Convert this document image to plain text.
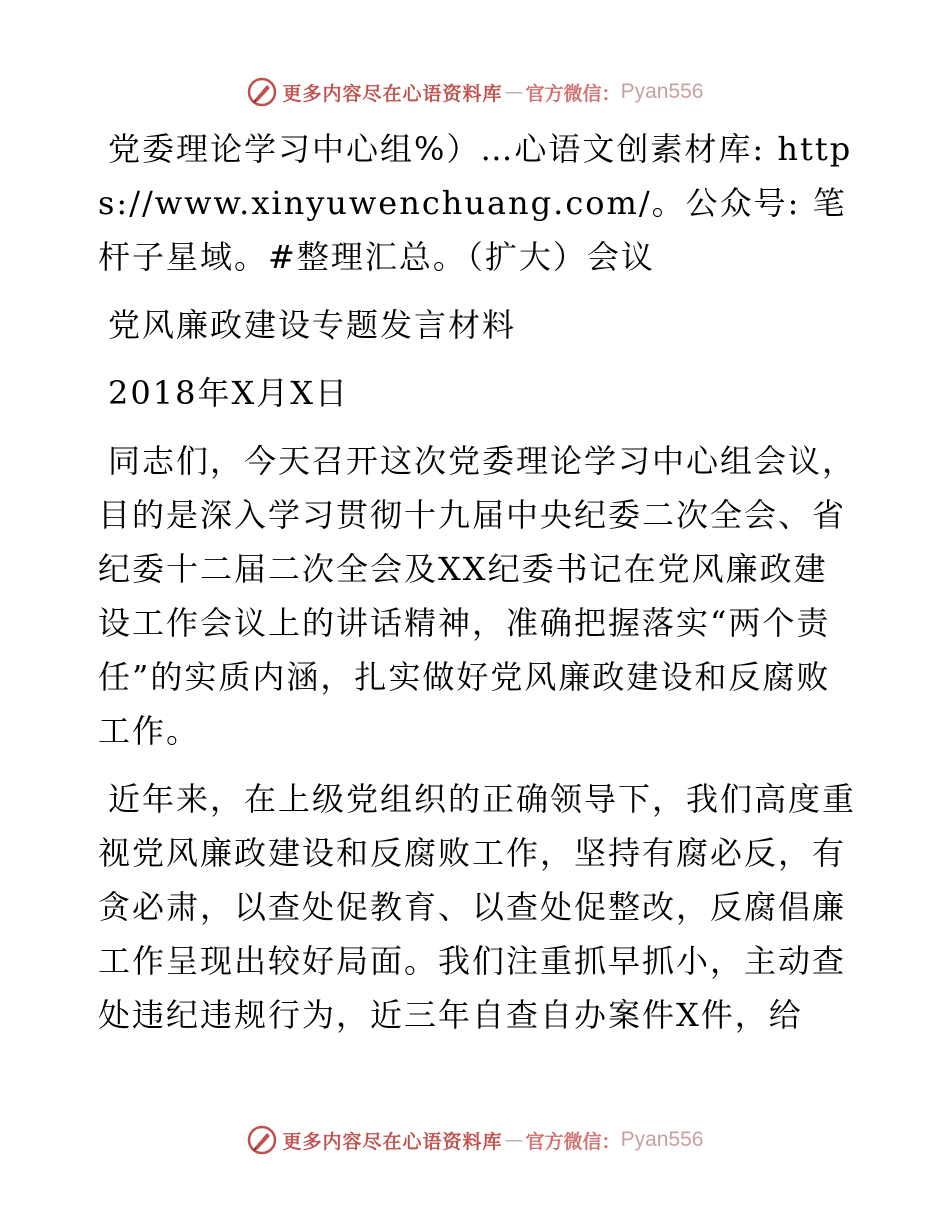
更多内容尽在心语资料库 — 官方微信： Pyan556

党委理论学习中心组%）…心语文创素材库: https://www.xinyuwenchuang.com/。公众号: 笔杆子星域。#整理汇总。（扩大）会议

党风廉政建设专题发言材料

2018年X月X日

同志们，今天召开这次党委理论学习中心组会议，目的是深入学习贯彻十九届中央纪委二次全会、省纪委十二届二次全会及XX纪委书记在党风廉政建设工作会议上的讲话精神，准确把握落实“两个责任”的实质内涵，扎实做好党风廉政建设和反腐败工作。

近年来，在上级党组织的正确领导下，我们高度重视党风廉政建设和反腐败工作，坚持有腐必反，有贪必肃，以查处促教育、以查处促整改，反腐倡廉工作呈现出较好局面。我们注重抓早抓小，主动查处违纪违规行为，近三年自查自办案件X件，给

更多内容尽在心语资料库 — 官方微信： Pyan556
